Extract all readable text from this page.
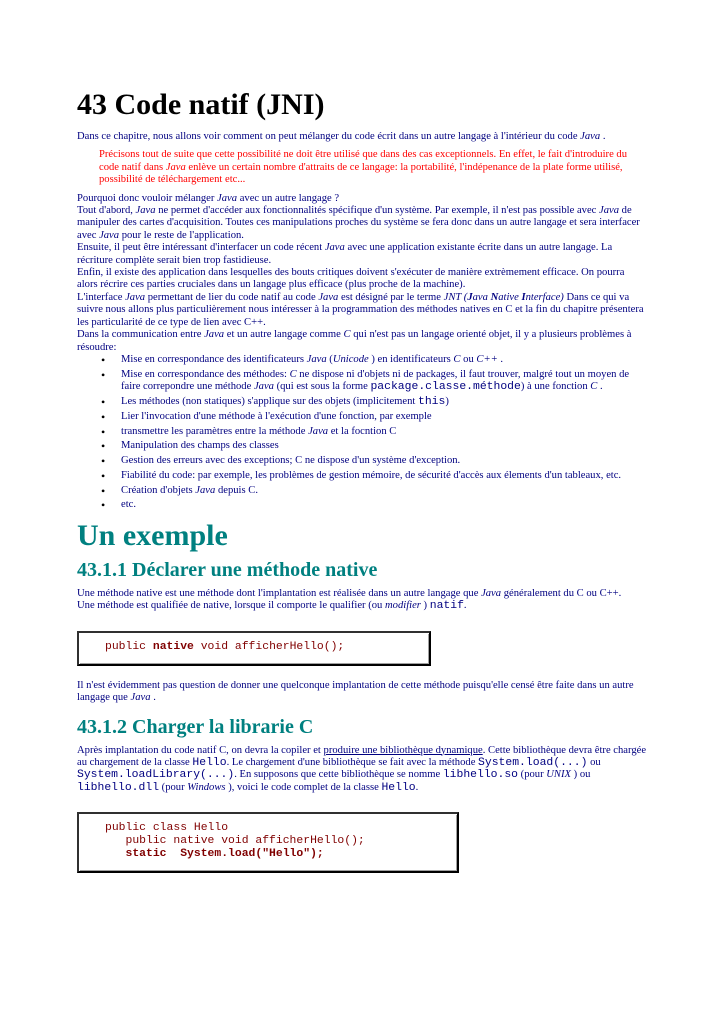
43 Code natif (JNI)

Dans ce chapitre, nous allons voir comment on peut mélanger du code écrit dans un autre langage à l'intérieur du code Java .

Précisons tout de suite que cette possibilité ne doit être utilisé que dans des cas exceptionnels. En effet, le fait d'introduire du code natif dans Java enlève un certain nombre d'attraits de ce langage: la portabilité, l'indépenance de la plate forme utilisé, possibilité de téléchargement etc...

Pourquoi donc vouloir mélanger Java avec un autre langage ?

Tout d'abord, Java ne permet d'accéder aux fonctionnalités spécifique d'un système. Par exemple, il n'est pas possible avec Java de manipuler des cartes d'acquisition. Toutes ces manipulations proches du système se fera donc dans un autre langage et sera interfacer avec Java pour le reste de l'application.

Ensuite, il peut être intéressant d'interfacer un code récent Java avec une application existante écrite dans un autre langage. La récriture complète serait bien trop fastidieuse.

Enfin, il existe des application dans lesquelles des bouts critiques doivent s'exécuter de manière extrèmement efficace. On pourra alors récrire ces parties cruciales dans un langage plus efficace (plus proche de la machine).

L'interface Java permettant de lier du code natif au code Java est désigné par le terme JNT (Java Native Interface) Dans ce qui va suivre nous allons plus particulièrement nous intéresser à la programmation des méthodes natives en C et la fin du chapitre présentera les particularité de ce type de lien avec C++.

Dans la communication entre Java et un autre langage comme C qui n'est pas un langage orienté objet, il y a plusieurs problèmes à résoudre:

• Mise en correspondance des identificateurs Java (Unicode ) en identificateurs C ou C++ .
• Mise en correspondance des méthodes: C ne dispose ni d'objets ni de packages, il faut trouver, malgré tout un moyen de faire correpondre une méthode Java (qui est sous la forme package.classe.méthode) à une fonction C .
• Les méthodes (non statiques) s'applique sur des objets (implicitement this)
• Lier l'invocation d'une méthode à l'exécution d'une fonction, par exemple
• transmettre les paramètres entre la méthode Java et la focntion C
• Manipulation des champs des classes
• Gestion des erreurs avec des exceptions; C ne dispose d'un système d'exception.
• Fiabilité du code: par exemple, les problèmes de gestion mémoire, de sécurité d'accès aux élements d'un tableaux, etc.
• Création d'objets Java depuis C.
• etc.
Un exemple
43.1.1 Déclarer une méthode native

Une méthode native est une méthode dont l'implantation est réalisée dans un autre langage que Java généralement du C ou C++.

Une méthode est qualifiée de native, lorsque il comporte le qualifier (ou modifier ) natif.

public native void afficherHello();

Il n'est évidemment pas question de donner une quelconque implantation de cette méthode puisqu'elle censé être faite dans un autre langage que Java .

43.1.2 Charger la librarie C

Après implantation du code natif C, on devra la copiler et produire une bibliothèque dynamique. Cette bibliothèque devra être chargée au chargement de la classe Hello. Le chargement d'une bibliothèque se fait avec la méthode System.load(...) ou System.loadLibrary(...). En supposons que cette bibliothèque se nomme libhello.so (pour UNIX ) ou libhello.dll (pour Windows ), voici le code complet de la classe Hello.

public class Hello
public native void afficherHello();
static  System.load("Hello");
